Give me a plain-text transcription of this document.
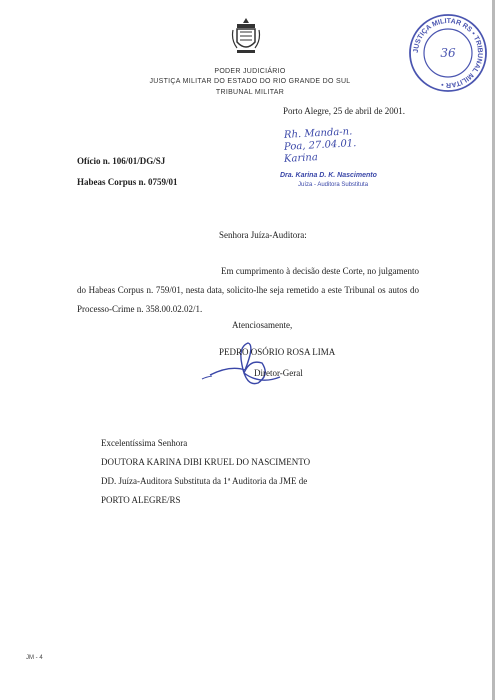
PODER JUDICIÁRIO
JUSTIÇA MILITAR DO ESTADO DO RIO GRANDE DO SUL
TRIBUNAL MILITAR
Porto Alegre, 25 de abril de 2001.
JUSTIÇA MILITAR RS • TRIBUNAL MILITAR •
36
Rh. Manda-n.
Poa, 27.04.01.
Karina
Dra. Karina D. K. Nascimento
Juíza - Auditora Substituta
Ofício n. 106/01/DG/SJ
Habeas Corpus n. 0759/01
Senhora Juíza-Auditora:
Em cumprimento à decisão deste Corte, no julgamento do Habeas Corpus n. 759/01, nesta data, solicito-lhe seja remetido a este Tribunal os autos do Processo-Crime n. 358.00.02.02/1.
Atenciosamente,
PEDRO OSÓRIO ROSA LIMA
Diretor-Geral
Excelentíssima Senhora
DOUTORA KARINA DIBI KRUEL DO NASCIMENTO
DD. Juíza-Auditora Substituta da 1ª Auditoria da JME de
PORTO ALEGRE/RS
JM - 4
